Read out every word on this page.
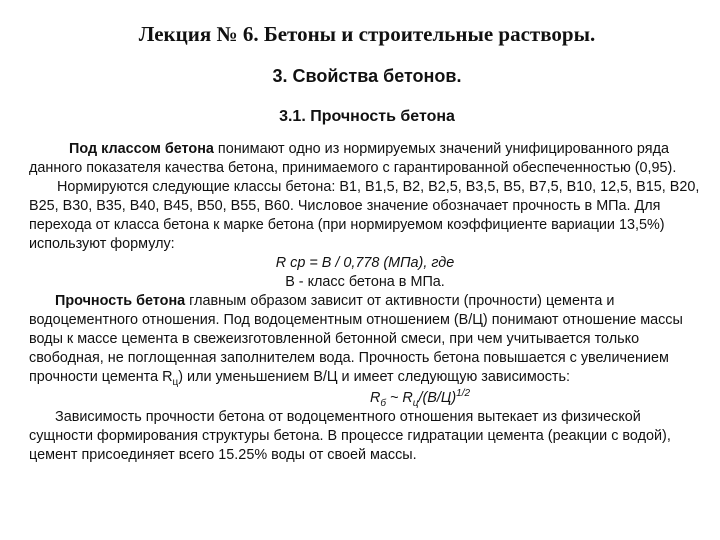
Лекция № 6. Бетоны и строительные растворы.
3. Свойства бетонов.
3.1. Прочность бетона

Под классом бетона понимают одно из нормируемых значений унифицированного ряда данного показателя качества бетона, принимаемого с гарантированной обеспеченностью (0,95).

Нормируются следующие классы бетона: В1, В1,5, В2, В2,5, В3,5, В5, В7,5, В10, 12,5, В15, В20, В25, В30, В35, В40, В45, В50, В55, В60. Числовое значение обозначает прочность в МПа. Для перехода от класса бетона к марке бетона (при нормируемом коэффициенте вариации 13,5%) используют формулу:

R ср = В / 0,778 (МПа), где

В - класс бетона в МПа.

Прочность бетона главным образом зависит от активности (прочности) цемента и водоцементного отношения. Под водоцементным отношением (В/Ц) понимают отношение массы воды к массе цемента в свежеизготовленной бетонной смеси, при чем учитывается только свободная, не поглощенная заполнителем вода. Прочность бетона повышается с увеличением прочности цемента $R_ц$) или уменьшением В/Ц и имеет следующую зависимость:

$R_б$ ~ $R_ц/(В/Ц)^{1/2}$

Зависимость прочности бетона от водоцементного отношения вытекает из физической сущности формирования структуры бетона. В процессе гидратации цемента (реакции с водой), цемент присоединяет всего 15.25% воды от своей массы.
